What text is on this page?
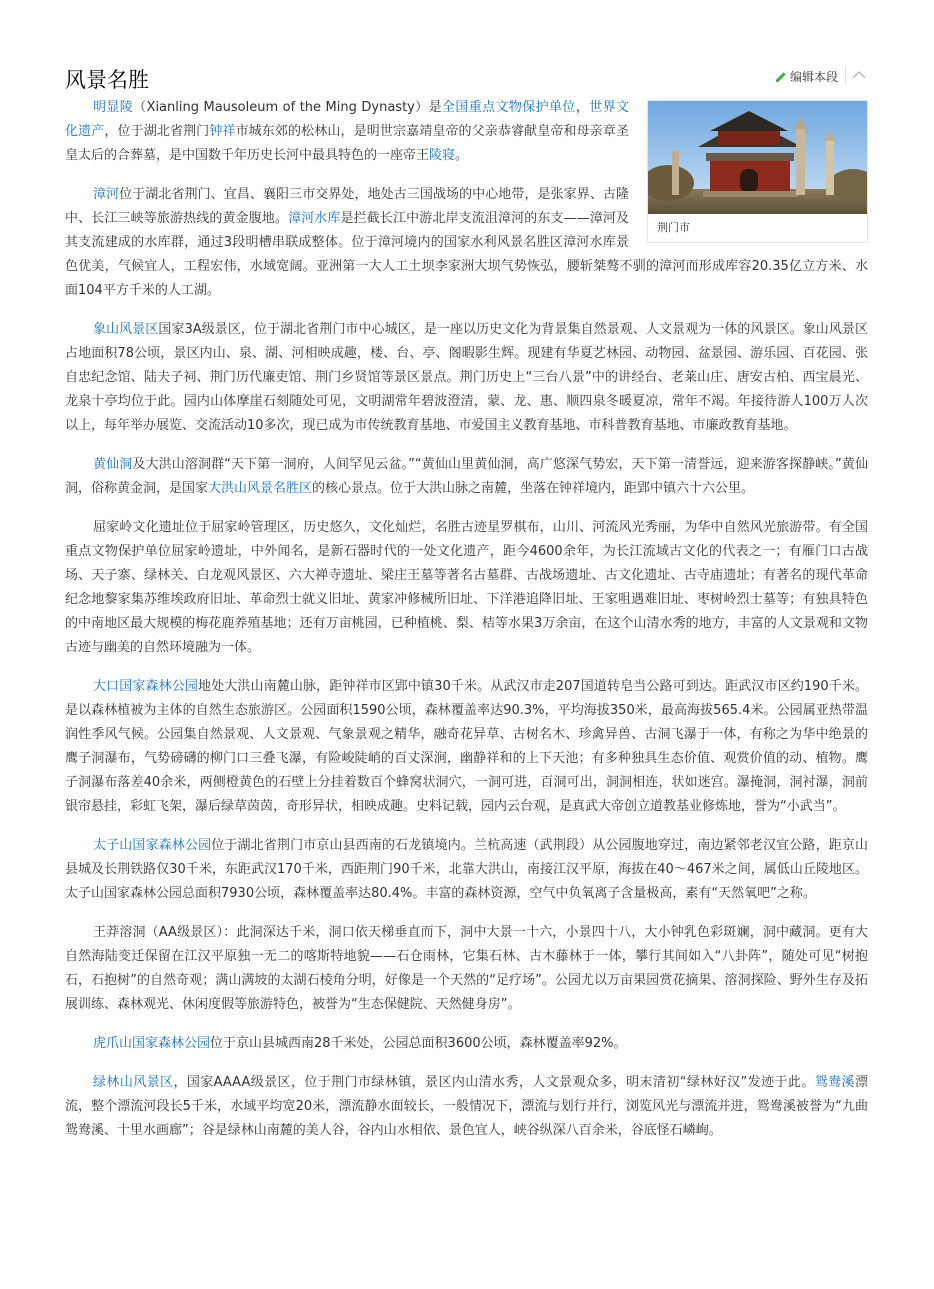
风景名胜	编辑本段
荆门市

明显陵（Xianling Mausoleum of the Ming Dynasty）是全国重点文物保护单位，世界文化遗产，位于湖北省荆门钟祥市城东郊的松林山，是明世宗嘉靖皇帝的父亲恭睿献皇帝和母亲章圣皇太后的合葬墓，是中国数千年历史长河中最具特色的一座帝王陵寝。

漳河位于湖北省荆门、宜昌、襄阳三市交界处，地处古三国战场的中心地带，是张家界、古隆中、长江三峡等旅游热线的黄金腹地。漳河水库是拦截长江中游北岸支流沮漳河的东支——漳河及其支流建成的水库群，通过3段明槽串联成整体。位于漳河境内的国家水利风景名胜区漳河水库景色优美，气候宜人，工程宏伟，水域宽阔。亚洲第一大人工土坝李家洲大坝气势恢弘，腰斩桀骜不驯的漳河而形成库容20.35亿立方米、水面104平方千米的人工湖。

象山风景区国家3A级景区，位于湖北省荆门市中心城区，是一座以历史文化为背景集自然景观、人文景观为一体的风景区。象山风景区占地面积78公顷，景区内山、泉、湖、河相映成趣，楼、台、亭、阁暇影生辉。现建有华夏艺林园、动物园、盆景园、游乐园、百花园、张自忠纪念馆、陆夫子祠、荆门历代廉吏馆、荆门乡贤馆等景区景点。荆门历史上“三台八景”中的讲经台、老莱山庄、唐安古柏、西宝晨光、龙泉十亭均位于此。园内山体摩崖石刻随处可见，文明湖常年碧波澄清，蒙、龙、惠、顺四泉冬暖夏凉，常年不竭。年接待游人100万人次以上，每年举办展览、交流活动10多次，现已成为市传统教育基地、市爱国主义教育基地、市科普教育基地、市廉政教育基地。

黄仙洞及大洪山溶洞群“天下第一洞府，人间罕见云盆。”“黄仙山里黄仙洞，高广悠深气势宏，天下第一清誉远，迎来游客探静峡。”黄仙洞，俗称黄金洞，是国家大洪山风景名胜区的核心景点。位于大洪山脉之南麓，坐落在钟祥境内，距郢中镇六十六公里。

屈家岭文化遗址位于屈家岭管理区，历史悠久，文化灿烂，名胜古迹星罗棋布，山川、河流风光秀丽，为华中自然风光旅游带。有全国重点文物保护单位屈家岭遗址，中外闻名，是新石器时代的一处文化遗产，距今4600余年，为长江流域古文化的代表之一；有雁门口古战场、天子寨、绿林关、白龙观风景区、六大禅寺遗址、梁庄王墓等著名古墓群、古战场遗址、古文化遗址、古寺庙遗址；有著名的现代革命纪念地黎家集苏维埃政府旧址、革命烈士就义旧址、黄家冲修械所旧址、下洋港追降旧址、王家咀遇难旧址、枣树岭烈士墓等；有独具特色的中南地区最大规模的梅花鹿养殖基地；还有万亩桃园，已种植桃、梨、桔等水果3万余亩，在这个山清水秀的地方，丰富的人文景观和文物古迹与幽美的自然环境融为一体。

大口国家森林公园地处大洪山南麓山脉，距钟祥市区郢中镇30千米。从武汉市走207国道转皂当公路可到达。距武汉市区约190千米。是以森林植被为主体的自然生态旅游区。公园面积1590公顷，森林覆盖率达90.3%，平均海拔350米，最高海拔565.4米。公园属亚热带温润性季风气候。公园集自然景观、人文景观、气象景观之精华，融奇花异草、古树名木、珍禽异兽、古洞飞瀑于一体，有称之为华中绝景的鹰子洞瀑布，气势磅礴的柳门口三叠飞瀑，有险峻陡峭的百丈深涧，幽静祥和的上下天池；有多种独具生态价值、观赏价值的动、植物。鹰子洞瀑布落差40余米，两侧橙黄色的石壁上分挂着数百个蜂窝状洞穴，一洞可进，百洞可出，洞洞相连，状如迷宫。瀑掩洞，洞衬瀑，洞前银帘悬挂，彩虹飞架，瀑后绿草茵茵，奇形异状，相映成趣。史料记载，园内云台观，是真武大帝创立道教基业修炼地，誉为“小武当”。

太子山国家森林公园位于湖北省荆门市京山县西南的石龙镇境内。兰杭高速（武荆段）从公园腹地穿过，南边紧邻老汉宜公路，距京山县城及长荆铁路仅30千米，东距武汉170千米，西距荆门90千米，北靠大洪山，南接江汉平原，海拔在40～467米之间，属低山丘陵地区。太子山国家森林公园总面积7930公顷，森林覆盖率达80.4%。丰富的森林资源，空气中负氧离子含量极高，素有“天然氧吧”之称。

王莽溶洞（AA级景区）：此洞深达千米，洞口依天梯垂直而下，洞中大景一十六，小景四十八，大小钟乳色彩斑斓，洞中藏洞。更有大自然海陆变迁保留在江汉平原独一无二的喀斯特地貌——石仓雨林，它集石林、古木藤林于一体，攀行其间如入“八卦阵”，随处可见“树抱石，石抱树”的自然奇观；满山满坡的太湖石棱角分明，好像是一个天然的“足疗场”。公园尤以万亩果园赏花摘果、溶洞探险、野外生存及拓展训练、森林观光、休闲度假等旅游特色，被誉为“生态保健院、天然健身房”。

虎爪山国家森林公园位于京山县城西南28千米处，公园总面积3600公顷，森林覆盖率92%。

绿林山风景区，国家AAAA级景区，位于荆门市绿林镇，景区内山清水秀，人文景观众多，明末清初“绿林好汉”发迹于此。鸳鸯溪漂流，整个漂流河段长5千米，水域平均宽20米，漂流静水面较长，一般情况下，漂流与划行并行，浏览风光与漂流并进，鸳鸯溪被誉为“九曲鸳鸯溪、十里水画廊”；谷是绿林山南麓的美人谷，谷内山水相依、景色宜人，峡谷纵深八百余米，谷底怪石嶙峋。
